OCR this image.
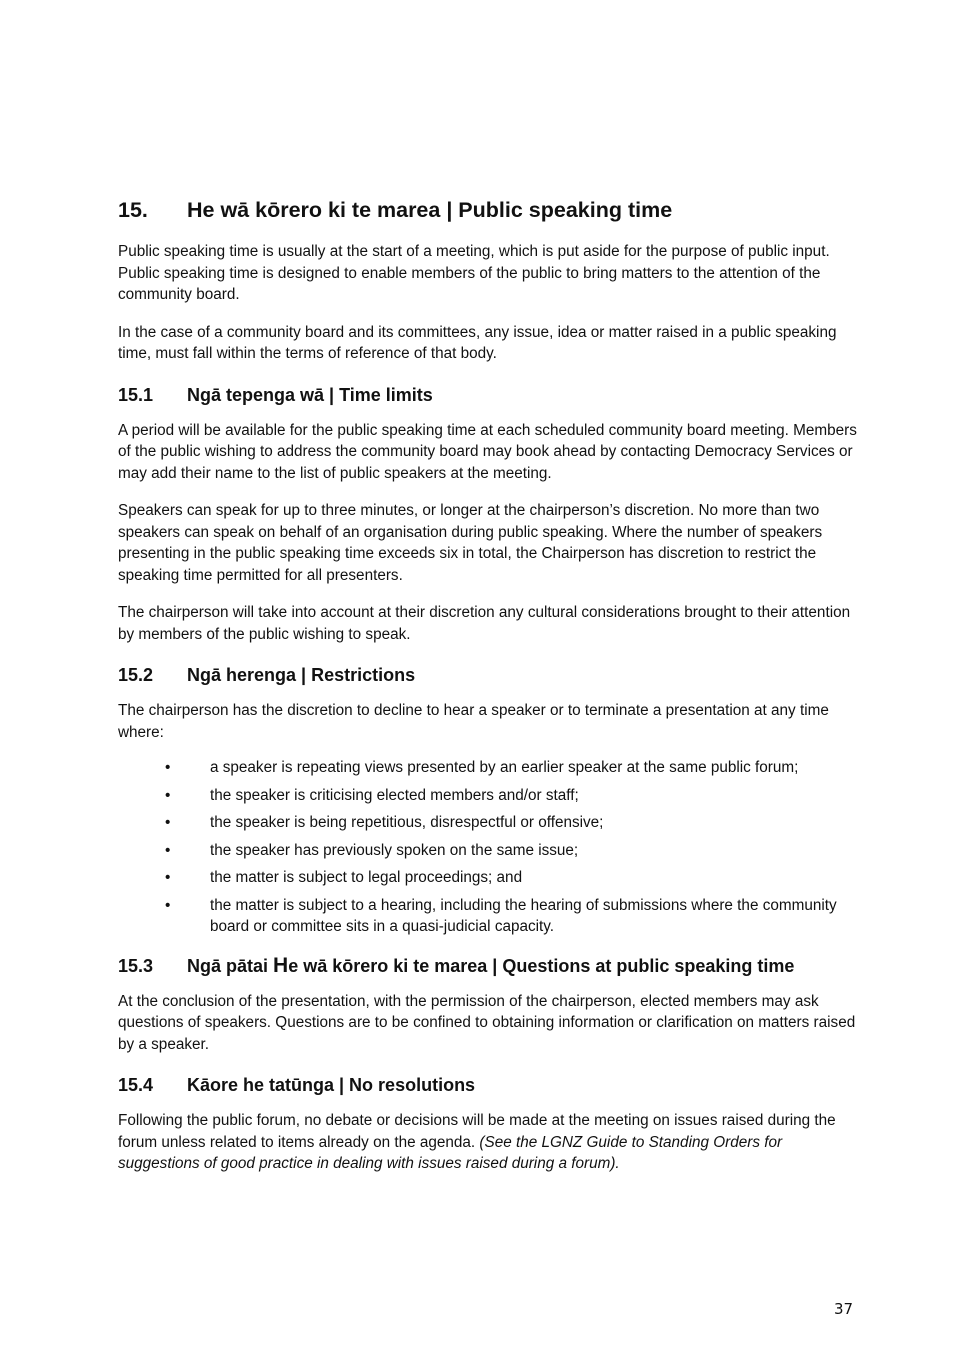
15.	He wā kōrero ki te marea | Public speaking time

Public speaking time is usually at the start of a meeting, which is put aside for the purpose of public input. Public speaking time is designed to enable members of the public to bring matters to the attention of the community board.

In the case of a community board and its committees, any issue, idea or matter raised in a public speaking time, must fall within the terms of reference of that body.

15.1	Ngā tepenga wā | Time limits

A period will be available for the public speaking time at each scheduled community board meeting. Members of the public wishing to address the community board may book ahead by contacting Democracy Services or may add their name to the list of public speakers at the meeting.

Speakers can speak for up to three minutes, or longer at the chairperson’s discretion. No more than two speakers can speak on behalf of an organisation during public speaking. Where the number of speakers presenting in the public speaking time exceeds six in total, the Chairperson has discretion to restrict the speaking time permitted for all presenters.

The chairperson will take into account at their discretion any cultural considerations brought to their attention by members of the public wishing to speak.

15.2	Ngā herenga | Restrictions

The chairperson has the discretion to decline to hear a speaker or to terminate a presentation at any time where:

•	a speaker is repeating views presented by an earlier speaker at the same public forum;
•	the speaker is criticising elected members and/or staff;
•	the speaker is being repetitious, disrespectful or offensive;
•	the speaker has previously spoken on the same issue;
•	the matter is subject to legal proceedings; and
•	the matter is subject to a hearing, including the hearing of submissions where the community board or committee sits in a quasi-judicial capacity.
15.3	Ngā pātai He wā kōrero ki te marea | Questions at public speaking time

At the conclusion of the presentation, with the permission of the chairperson, elected members may ask questions of speakers. Questions are to be confined to obtaining information or clarification on matters raised by a speaker.

15.4	Kāore he tatūnga | No resolutions

Following the public forum, no debate or decisions will be made at the meeting on issues raised during the forum unless related to items already on the agenda. (See the LGNZ Guide to Standing Orders for suggestions of good practice in dealing with issues raised during a forum).

37
